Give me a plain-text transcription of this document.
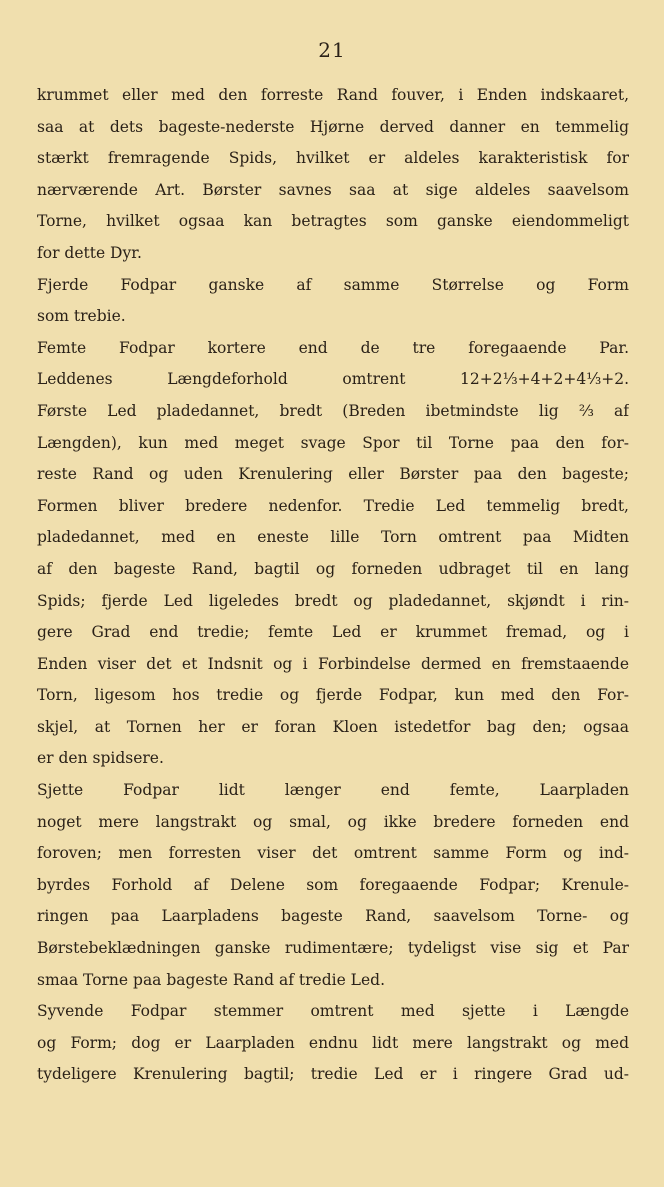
21
krummet eller med den forreste Rand fouver, i Enden indskaaret,
saa at dets bageste-nederste Hjørne derved danner en temmelig
stærkt fremragende Spids, hvilket er aldeles karakteristisk for
nærværende Art. Børster savnes saa at sige aldeles saavelsom
Torne, hvilket ogsaa kan betragtes som ganske eiendommeligt
for dette Dyr.
Fjerde Fodpar ganske af samme Størrelse og Form
som trebie.
Femte Fodpar kortere end de tre foregaaende Par.
Leddenes Længdeforhold omtrent 12+2⅓+4+2+4⅓+2.
Første Led pladedannet, bredt (Breden ibetmindste lig ⅔ af
Længden), kun med meget svage Spor til Torne paa den for-
reste Rand og uden Krenulering eller Børster paa den bageste;
Formen bliver bredere nedenfor. Tredie Led temmelig bredt,
pladedannet, med en eneste lille Torn omtrent paa Midten
af den bageste Rand, bagtil og forneden udbraget til en lang
Spids; fjerde Led ligeledes bredt og pladedannet, skjøndt i rin-
gere Grad end tredie; femte Led er krummet fremad, og i
Enden viser det et Indsnit og i Forbindelse dermed en fremstaaende
Torn, ligesom hos tredie og fjerde Fodpar, kun med den For-
skjel, at Tornen her er foran Kloen istedetfor bag den; ogsaa
er den spidsere.
Sjette Fodpar lidt længer end femte, Laarpladen
noget mere langstrakt og smal, og ikke bredere forneden end
foroven; men forresten viser det omtrent samme Form og ind-
byrdes Forhold af Delene som foregaaende Fodpar; Krenule-
ringen paa Laarpladens bageste Rand, saavelsom Torne- og
Børstebeklædningen ganske rudimentære; tydeligst vise sig et Par
smaa Torne paa bageste Rand af tredie Led.
Syvende Fodpar stemmer omtrent med sjette i Længde
og Form; dog er Laarpladen endnu lidt mere langstrakt og med
tydeligere Krenulering bagtil; tredie Led er i ringere Grad ud-
